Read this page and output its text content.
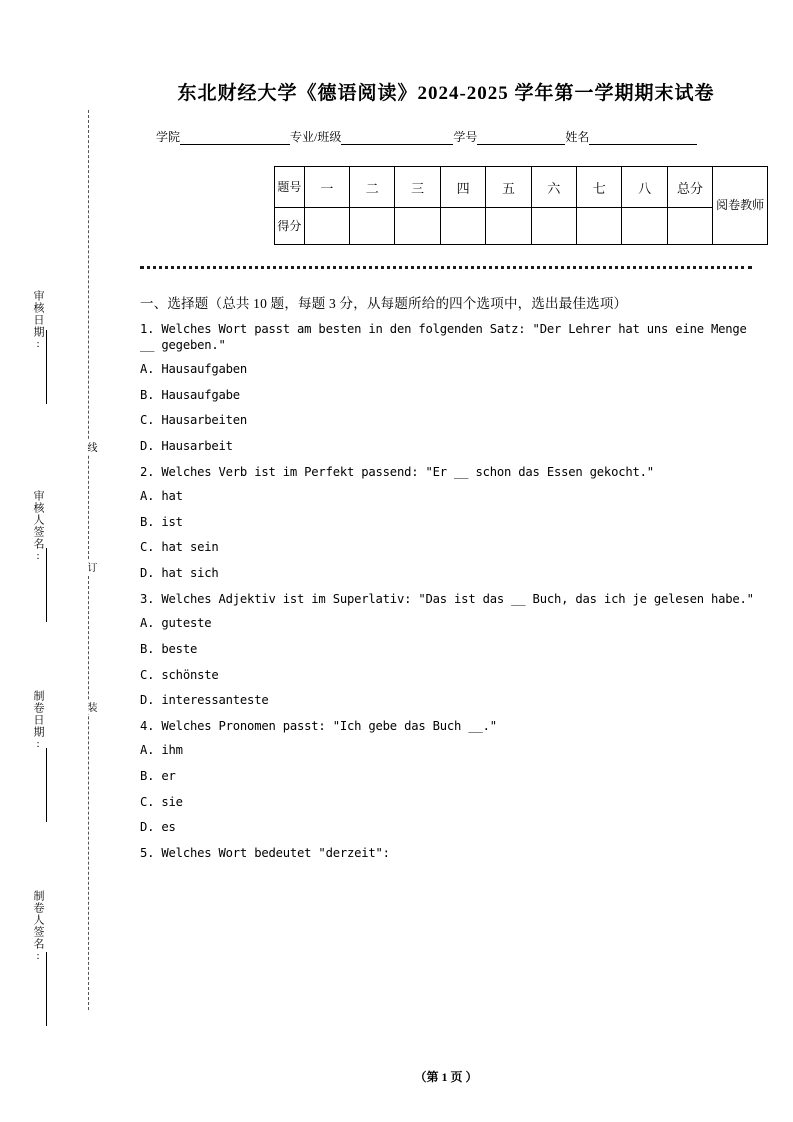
审核日期:
审核人签名:
制卷日期:
制卷人签名:
线
订
装
东北财经大学《德语阅读》2024‑2025 学年第一学期期末试卷
学院	专业/班级	学号	姓名
题号	一	二	三	四	五	六	七	八	总分	阅卷教师
得分										
一、选择题（总共 10 题，每题 3 分，从每题所给的四个选项中，选出最佳选项）

1. Welches Wort passt am besten in den folgenden Satz: "Der Lehrer hat uns eine Menge __ gegeben."

A. Hausaufgaben

B. Hausaufgabe

C. Hausarbeiten

D. Hausarbeit

2. Welches Verb ist im Perfekt passend: "Er __ schon das Essen gekocht."

A. hat

B. ist

C. hat sein

D. hat sich

3. Welches Adjektiv ist im Superlativ: "Das ist das __ Buch, das ich je gelesen habe."

A. guteste

B. beste

C. schönste

D. interessanteste

4. Welches Pronomen passt: "Ich gebe das Buch __."

A. ihm

B. er

C. sie

D. es

5. Welches Wort bedeutet "derzeit":

（第 1 页 ）
